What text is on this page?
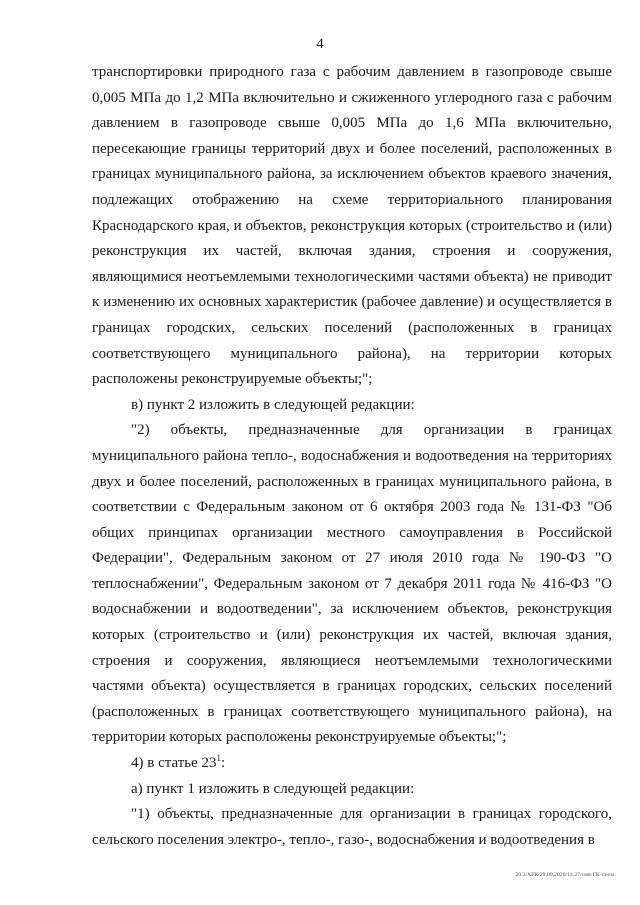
4

транспортировки природного газа с рабочим давлением в газопроводе свыше 0,005 МПа до 1,2 МПа включительно и сжиженного углеродного газа с рабочим давлением в газопроводе свыше 0,005 МПа до 1,6 МПа включительно, пересекающие границы территорий двух и более поселений, расположенных в границах муниципального района, за исключением объектов краевого значения, подлежащих отображению на схеме территориального планирования Краснодарского края, и объектов, реконструкция которых (строительство и (или) реконструкция их частей, включая здания, строения и сооружения, являющимися неотъемлемыми технологическими частями объекта) не приводит к изменению их основных характеристик (рабочее давление) и осуществляется в границах городских, сельских поселений (расположенных в границах соответствующего муниципального района), на территории которых расположены реконструируемые объекты;";

в) пункт 2 изложить в следующей редакции:

"2) объекты, предназначенные для организации в границах муниципального района тепло-, водоснабжения и водоотведения на территориях двух и более поселений, расположенных в границах муниципального района, в соответствии с Федеральным законом от 6 октября 2003 года № 131-ФЗ "Об общих принципах организации местного самоуправления в Российской Федерации", Федеральным законом от 27 июля 2010 года № 190-ФЗ "О теплоснабжении", Федеральным законом от 7 декабря 2011 года № 416-ФЗ "О водоснабжении и водоотведении", за исключением объектов, реконструкция которых (строительство и (или) реконструкция их частей, включая здания, строения и сооружения, являющиеся неотъемлемыми технологическими частями объекта) осуществляется в границах городских, сельских поселений (расположенных в границах соответствующего муниципального района), на территории которых расположены реконструируемые объекты;";

4) в статье $23^1$:

а) пункт 1 изложить в следующей редакции:

"1) объекты, предназначенные для организации в границах городского, сельского поселения электро-, тепло-, газо-, водоснабжения и водоотведения в

20.3/XFR/29.09.2020/14.27/сми-ГК-смсм
